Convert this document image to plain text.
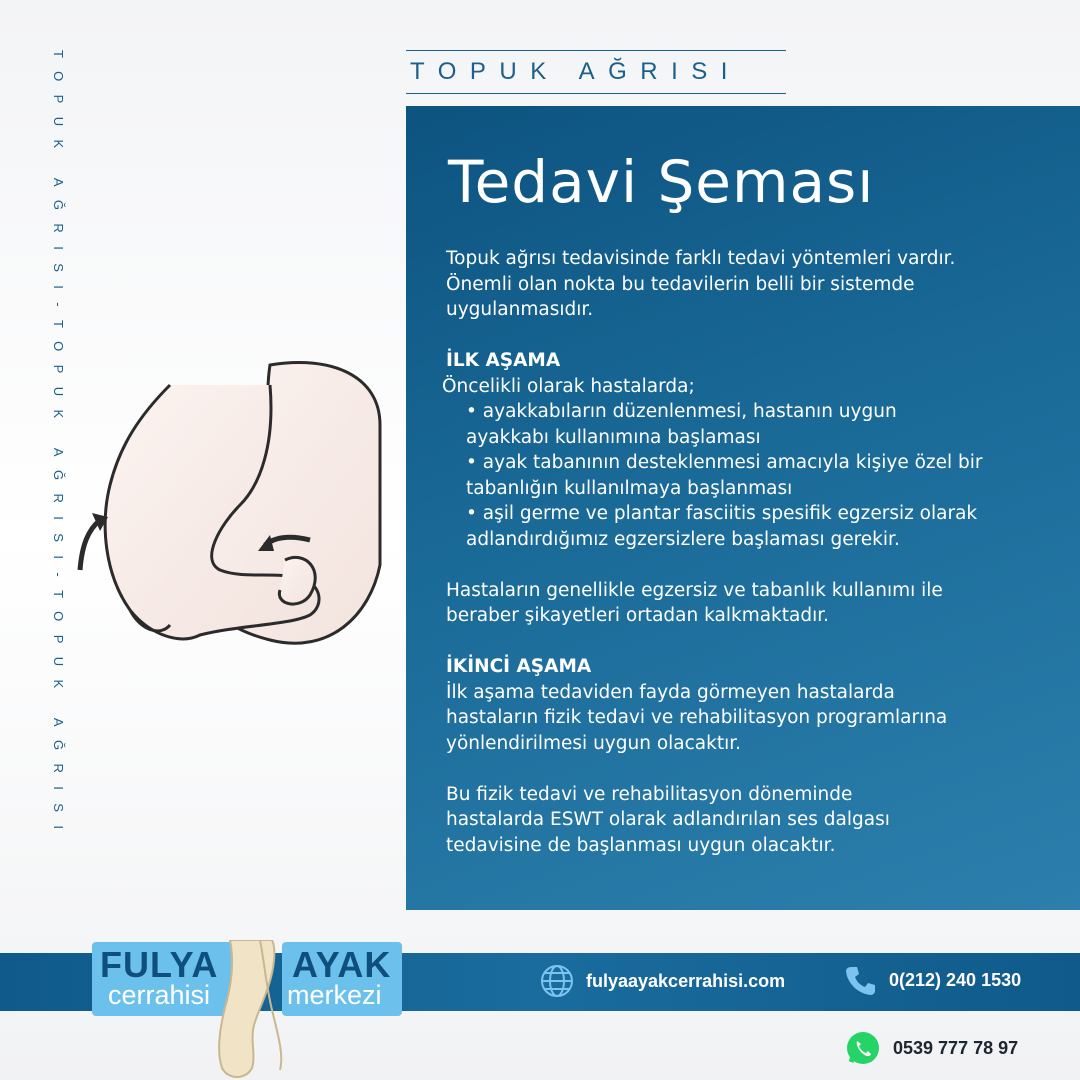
TOPUK AĞRISI-TOPUK AĞRISI-TOPUK AĞRISI	TOPUK AĞRISI
Tedavi Şeması

Topuk ağrısı tedavisinde farklı tedavi yöntemleri vardır. Önemli olan nokta bu tedavilerin belli bir sistemde uygulanmasıdır.

İLK AŞAMA

Öncelikli olarak hastalarda;

• ayakkabıların düzenlenmesi, hastanın uygun ayakkabı kullanımına başlaması

• ayak tabanının desteklenmesi amacıyla kişiye özel bir tabanlığın kullanılmaya başlanması

• aşil germe ve plantar fasciitis spesifik egzersiz olarak adlandırdığımız egzersizlere başlaması gerekir.

Hastaların genellikle egzersiz ve tabanlık kullanımı ile beraber şikayetleri ortadan kalkmaktadır.

İKİNCİ AŞAMA

İlk aşama tedaviden fayda görmeyen hastalarda hastaların fizik tedavi ve rehabilitasyon programlarına yönlendirilmesi uygun olacaktır.

Bu fizik tedavi ve rehabilitasyon döneminde hastalarda ESWT olarak adlandırılan ses dalgası tedavisine de başlanması uygun olacaktır.

FULYA
cerrahisi
AYAK
merkezi	fulyaayakcerrahisi.com	0(212) 240 1530
0539 777 78 97
